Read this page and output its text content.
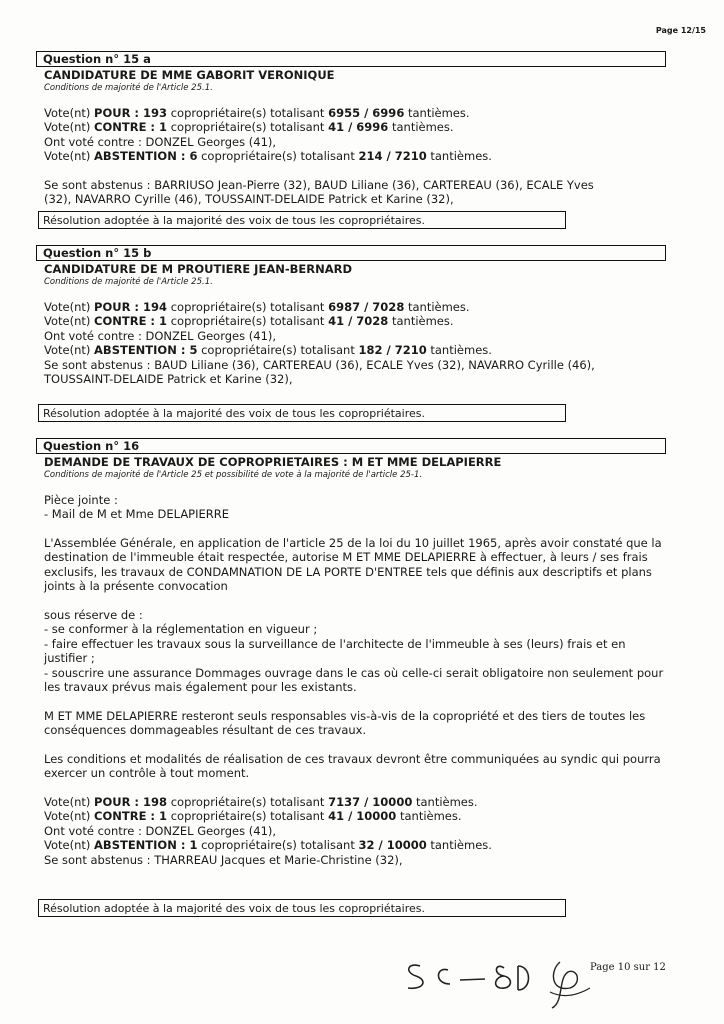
Page 12/15
Question n° 15 a
CANDIDATURE DE MME GABORIT VERONIQUE
Conditions de majorité de l'Article 25.1.
Vote(nt) POUR : 193 copropriétaire(s) totalisant 6955 / 6996 tantièmes.
Vote(nt) CONTRE : 1 copropriétaire(s) totalisant 41 / 6996 tantièmes.
Ont voté contre : DONZEL Georges (41),
Vote(nt) ABSTENTION : 6 copropriétaire(s) totalisant 214 / 7210 tantièmes.
Se sont abstenus : BARRIUSO Jean-Pierre (32), BAUD Liliane (36), CARTEREAU (36), ECALE Yves
(32), NAVARRO Cyrille (46), TOUSSAINT-DELAIDE Patrick et Karine (32),
Résolution adoptée à la majorité des voix de tous les copropriétaires.
Question n° 15 b
CANDIDATURE DE M PROUTIERE JEAN-BERNARD
Conditions de majorité de l'Article 25.1.
Vote(nt) POUR : 194 copropriétaire(s) totalisant 6987 / 7028 tantièmes.
Vote(nt) CONTRE : 1 copropriétaire(s) totalisant 41 / 7028 tantièmes.
Ont voté contre : DONZEL Georges (41),
Vote(nt) ABSTENTION : 5 copropriétaire(s) totalisant 182 / 7210 tantièmes.
Se sont abstenus : BAUD Liliane (36), CARTEREAU (36), ECALE Yves (32), NAVARRO Cyrille (46),
TOUSSAINT-DELAIDE Patrick et Karine (32),
Résolution adoptée à la majorité des voix de tous les copropriétaires.
Question n° 16
DEMANDE DE TRAVAUX DE COPROPRIETAIRES : M ET MME DELAPIERRE
Conditions de majorité de l'Article 25 et possibilité de vote à la majorité de l'article 25-1.
Pièce jointe :
- Mail de M et Mme DELAPIERRE
L'Assemblée Générale, en application de l'article 25 de la loi du 10 juillet 1965, après avoir constaté que la destination de l'immeuble était respectée, autorise M ET MME DELAPIERRE à effectuer, à leurs / ses frais exclusifs, les travaux de CONDAMNATION DE LA PORTE D'ENTREE tels que définis aux descriptifs et plans joints à la présente convocation
sous réserve de :
- se conformer à la réglementation en vigueur ;
- faire effectuer les travaux sous la surveillance de l'architecte de l'immeuble à ses (leurs) frais et en justifier ;
- souscrire une assurance Dommages ouvrage dans le cas où celle-ci serait obligatoire non seulement pour les travaux prévus mais également pour les existants.
M ET MME DELAPIERRE resteront seuls responsables vis-à-vis de la copropriété et des tiers de toutes les conséquences dommageables résultant de ces travaux.
Les conditions et modalités de réalisation de ces travaux devront être communiquées au syndic qui pourra exercer un contrôle à tout moment.
Vote(nt) POUR : 198 copropriétaire(s) totalisant 7137 / 10000 tantièmes.
Vote(nt) CONTRE : 1 copropriétaire(s) totalisant 41 / 10000 tantièmes.
Ont voté contre : DONZEL Georges (41),
Vote(nt) ABSTENTION : 1 copropriétaire(s) totalisant 32 / 10000 tantièmes.
Se sont abstenus : THARREAU Jacques et Marie-Christine (32),
Résolution adoptée à la majorité des voix de tous les copropriétaires.
Page 10 sur 12
